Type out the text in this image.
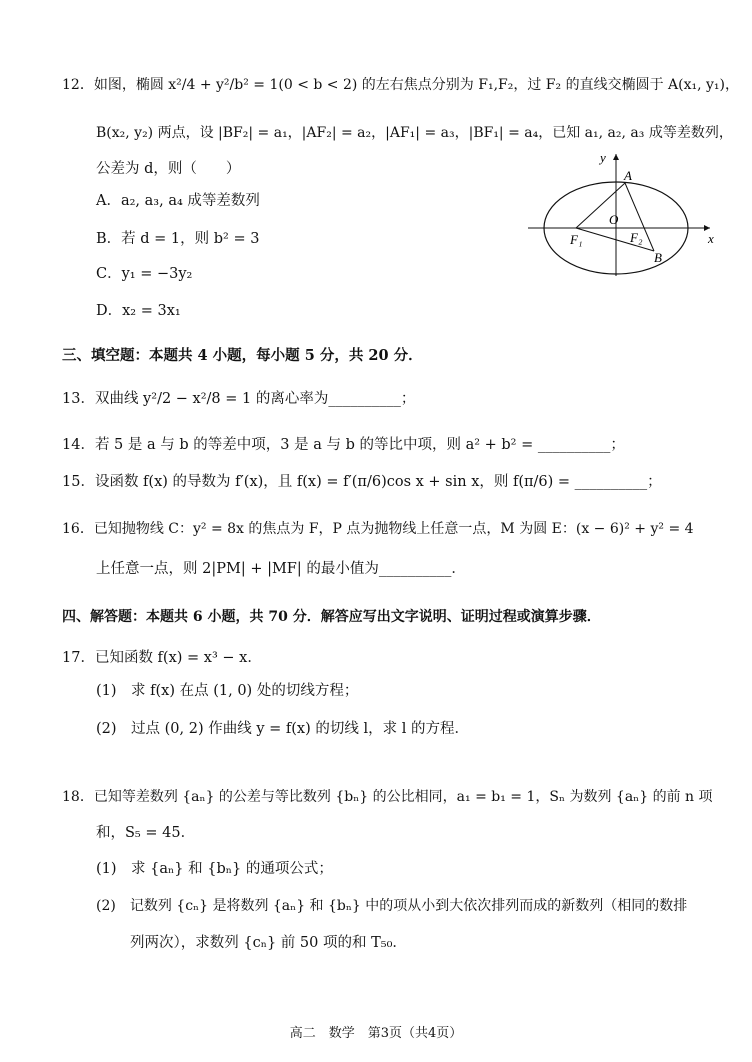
12．如图，椭圆 x²/4 + y²/b² = 1(0 < b < 2) 的左右焦点分别为 F₁,F₂，过 F₂ 的直线交椭圆于 A(x₁, y₁)，
B(x₂, y₂) 两点，设 |BF₂| = a₁，|AF₂| = a₂，|AF₁| = a₃，|BF₁| = a₄，已知 a₁, a₂, a₃ 成等差数列，
公差为 d，则（　　）
A．a₂, a₃, a₄ 成等差数列
B．若 d = 1，则 b² = 3
C．y₁ = −3y₂
D．x₂ = 3x₁
y
x
A
B
O
F₁	F₂
三、填空题：本题共 4 小题，每小题 5 分，共 20 分．
13．双曲线 y²/2 − x²/8 = 1 的离心率为__________；
14．若 5 是 a 与 b 的等差中项，3 是 a 与 b 的等比中项，则 a² + b² = __________；
15．设函数 f(x) 的导数为 f′(x)，且 f(x) = f′(π/6)cos x + sin x，则 f(π/6) = __________；
16．已知抛物线 C：y² = 8x 的焦点为 F，P 点为抛物线上任意一点，M 为圆 E：(x − 6)² + y² = 4
上任意一点，则 2|PM| + |MF| 的最小值为__________．
四、解答题：本题共 6 小题，共 70 分．解答应写出文字说明、证明过程或演算步骤．
17．已知函数 f(x) = x³ − x．
(1)　求 f(x) 在点 (1, 0) 处的切线方程；
(2)　过点 (0, 2) 作曲线 y = f(x) 的切线 l，求 l 的方程．
18．已知等差数列 {aₙ} 的公差与等比数列 {bₙ} 的公比相同，a₁ = b₁ = 1，Sₙ 为数列 {aₙ} 的前 n 项
和，S₅ = 45．
(1)　求 {aₙ} 和 {bₙ} 的通项公式；
(2)　记数列 {cₙ} 是将数列 {aₙ} 和 {bₙ} 中的项从小到大依次排列而成的新数列（相同的数排
列两次），求数列 {cₙ} 前 50 项的和 T₅₀．
高二　数学　第3页（共4页）
